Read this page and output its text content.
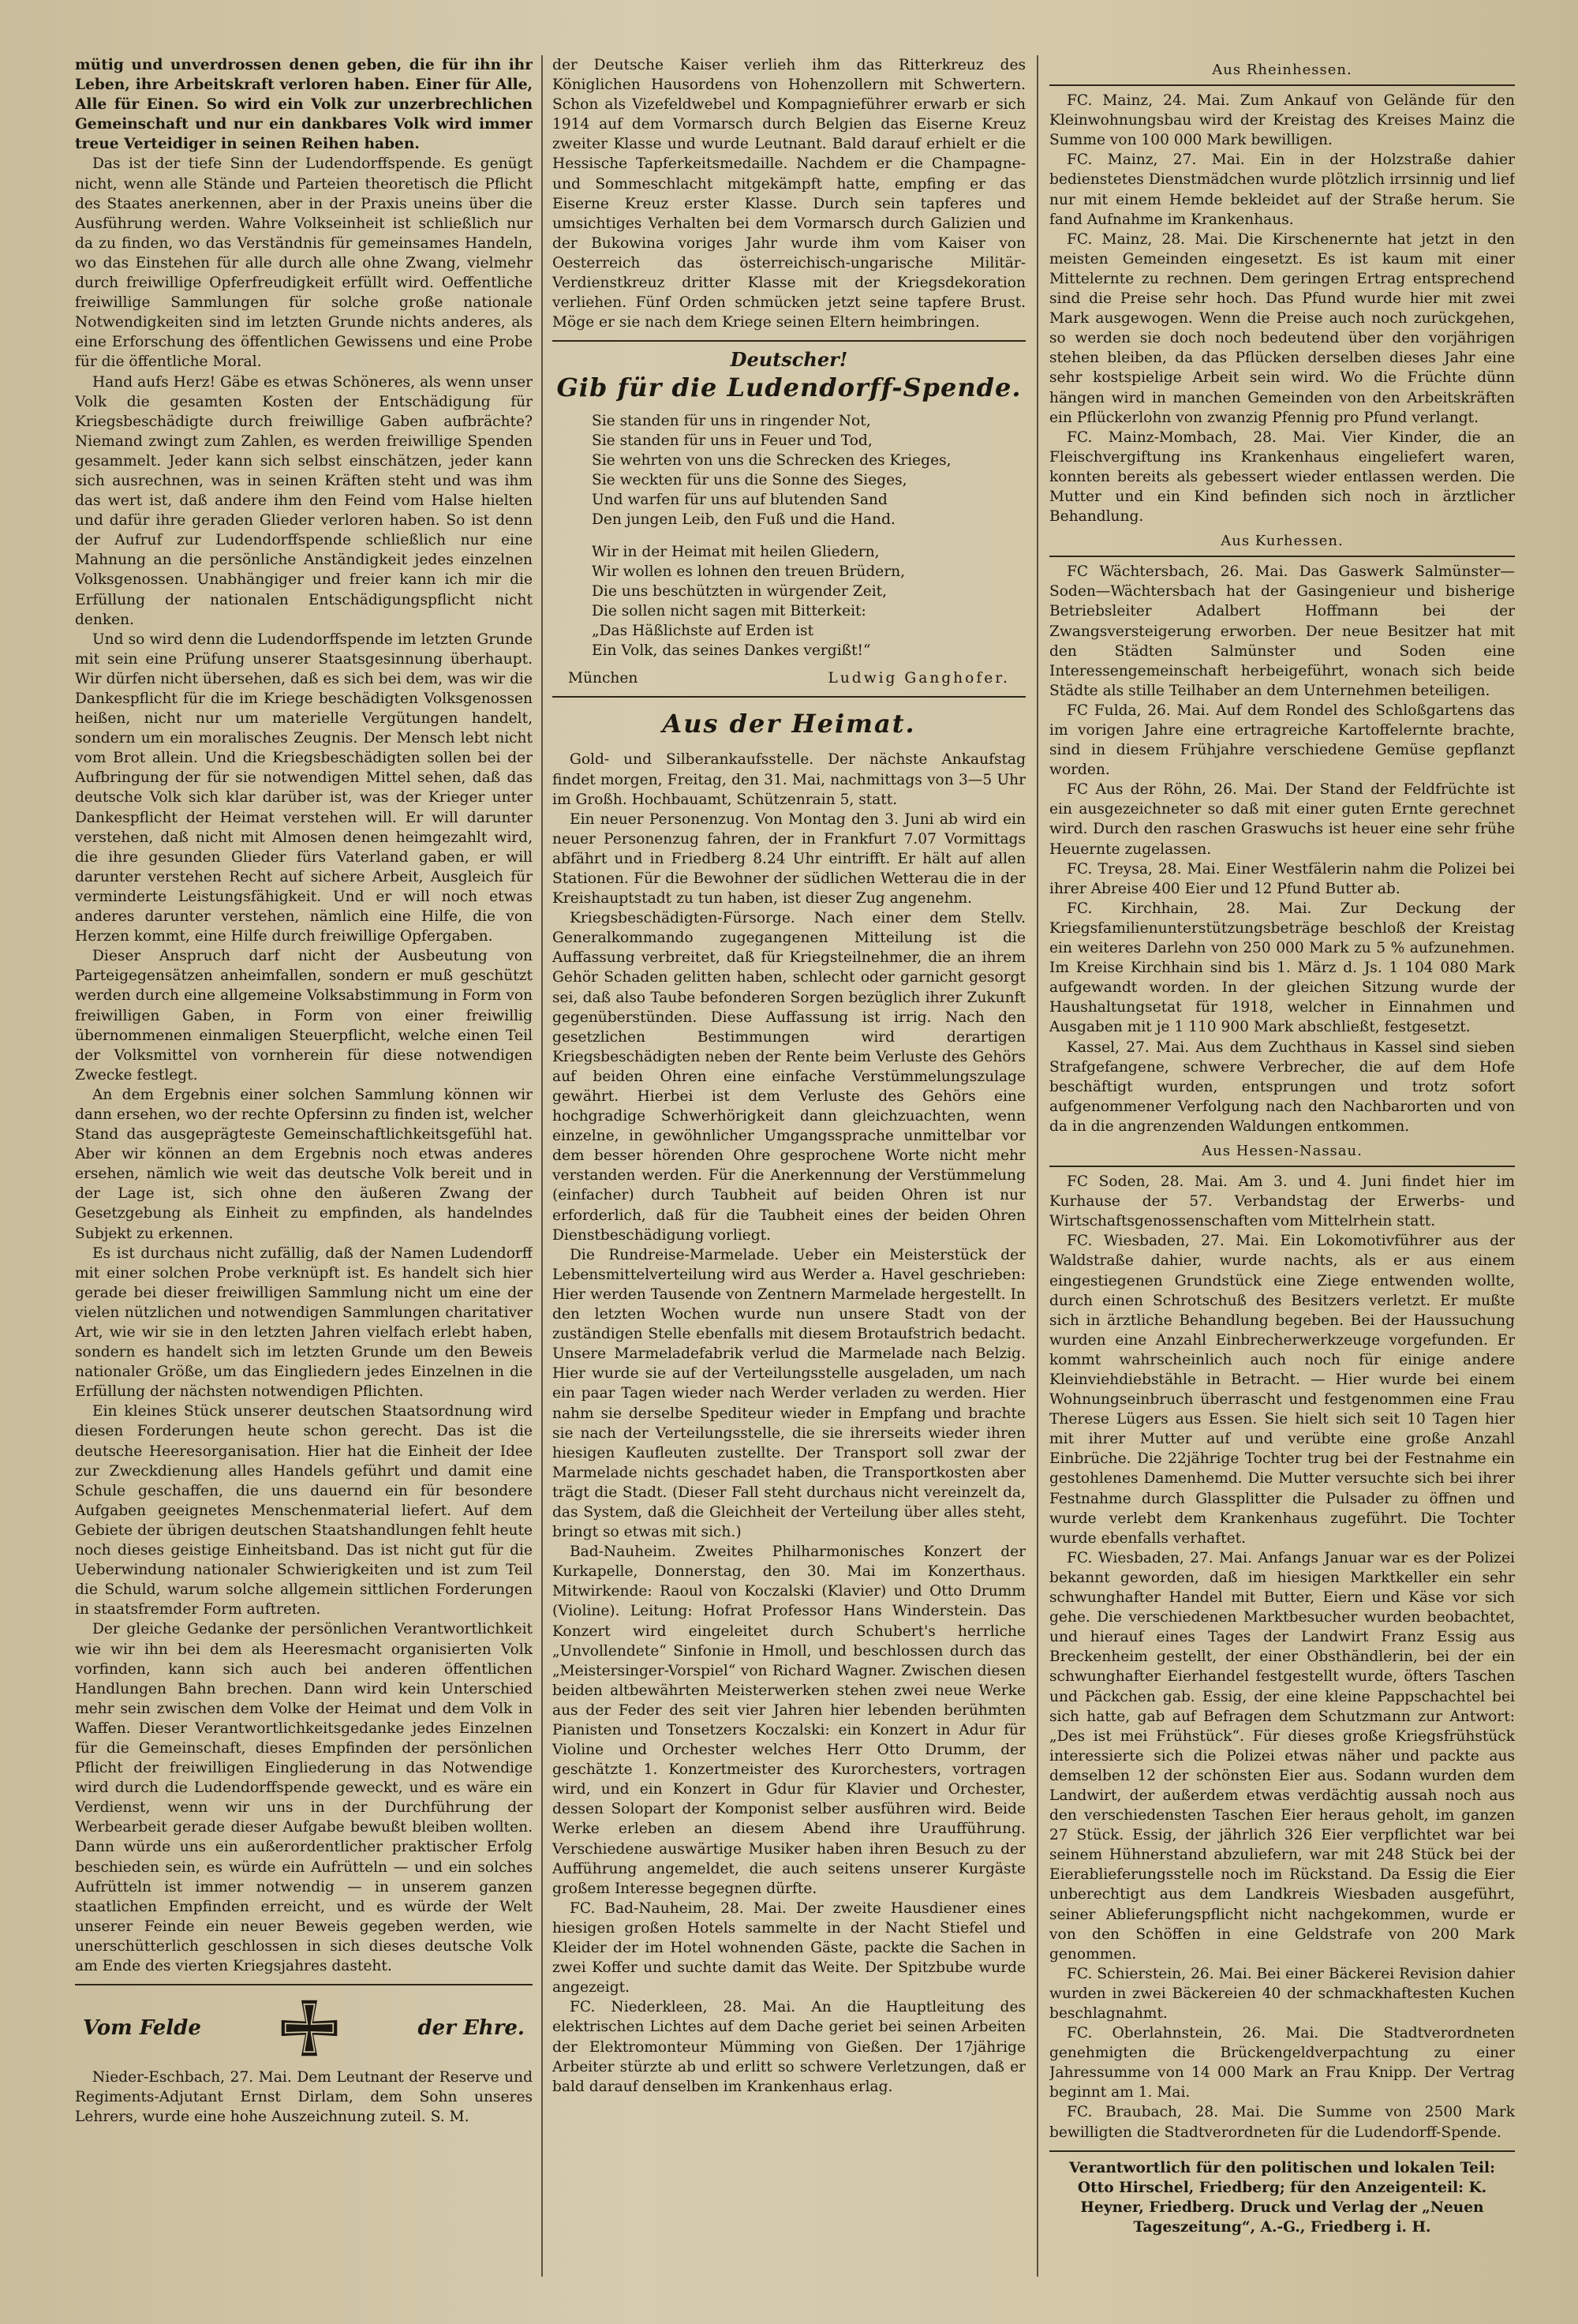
mütig und unverdrossen denen geben, die für ihn ihr Leben, ihre Arbeitskraft verloren haben. Einer für Alle, Alle für Einen. So wird ein Volk zur unzerbrechlichen Gemeinschaft und nur ein dankbares Volk wird immer treue Verteidiger in seinen Reihen haben.

Das ist der tiefe Sinn der Ludendorffspende. Es genügt nicht, wenn alle Stände und Parteien theoretisch die Pflicht des Staates anerkennen, aber in der Praxis uneins über die Ausführung werden. Wahre Volkseinheit ist schließlich nur da zu finden, wo das Verständnis für gemeinsames Handeln, wo das Einstehen für alle durch alle ohne Zwang, vielmehr durch freiwillige Opferfreudigkeit erfüllt wird. Oeffentliche freiwillige Sammlungen für solche große nationale Notwendigkeiten sind im letzten Grunde nichts anderes, als eine Erforschung des öffentlichen Gewissens und eine Probe für die öffentliche Moral.

Hand aufs Herz! Gäbe es etwas Schöneres, als wenn unser Volk die gesamten Kosten der Entschädigung für Kriegsbeschädigte durch freiwillige Gaben aufbrächte? Niemand zwingt zum Zahlen, es werden freiwillige Spenden gesammelt. Jeder kann sich selbst einschätzen, jeder kann sich ausrechnen, was in seinen Kräften steht und was ihm das wert ist, daß andere ihm den Feind vom Halse hielten und dafür ihre geraden Glieder verloren haben. So ist denn der Aufruf zur Ludendorffspende schließlich nur eine Mahnung an die persönliche Anständigkeit jedes einzelnen Volksgenossen. Unabhängiger und freier kann ich mir die Erfüllung der nationalen Entschädigungspflicht nicht denken.

Und so wird denn die Ludendorffspende im letzten Grunde mit sein eine Prüfung unserer Staatsgesinnung überhaupt. Wir dürfen nicht übersehen, daß es sich bei dem, was wir die Dankespflicht für die im Kriege beschädigten Volksgenossen heißen, nicht nur um materielle Vergütungen handelt, sondern um ein moralisches Zeugnis. Der Mensch lebt nicht vom Brot allein. Und die Kriegsbeschädigten sollen bei der Aufbringung der für sie notwendigen Mittel sehen, daß das deutsche Volk sich klar darüber ist, was der Krieger unter Dankespflicht der Heimat verstehen will. Er will darunter verstehen, daß nicht mit Almosen denen heimgezahlt wird, die ihre gesunden Glieder fürs Vaterland gaben, er will darunter verstehen Recht auf sichere Arbeit, Ausgleich für verminderte Leistungsfähigkeit. Und er will noch etwas anderes darunter verstehen, nämlich eine Hilfe, die von Herzen kommt, eine Hilfe durch freiwillige Opfergaben.

Dieser Anspruch darf nicht der Ausbeutung von Parteigegensätzen anheimfallen, sondern er muß geschützt werden durch eine allgemeine Volksabstimmung in Form von freiwilligen Gaben, in Form von einer freiwillig übernommenen einmaligen Steuerpflicht, welche einen Teil der Volksmittel von vornherein für diese notwendigen Zwecke festlegt.

An dem Ergebnis einer solchen Sammlung können wir dann ersehen, wo der rechte Opfersinn zu finden ist, welcher Stand das ausgeprägteste Gemeinschaftlichkeitsgefühl hat. Aber wir können an dem Ergebnis noch etwas anderes ersehen, nämlich wie weit das deutsche Volk bereit und in der Lage ist, sich ohne den äußeren Zwang der Gesetzgebung als Einheit zu empfinden, als handelndes Subjekt zu erkennen.

Es ist durchaus nicht zufällig, daß der Namen Ludendorff mit einer solchen Probe verknüpft ist. Es handelt sich hier gerade bei dieser freiwilligen Sammlung nicht um eine der vielen nützlichen und notwendigen Sammlungen charitativer Art, wie wir sie in den letzten Jahren vielfach erlebt haben, sondern es handelt sich im letzten Grunde um den Beweis nationaler Größe, um das Eingliedern jedes Einzelnen in die Erfüllung der nächsten notwendigen Pflichten.

Ein kleines Stück unserer deutschen Staatsordnung wird diesen Forderungen heute schon gerecht. Das ist die deutsche Heeresorganisation. Hier hat die Einheit der Idee zur Zweckdienung alles Handels geführt und damit eine Schule geschaffen, die uns dauernd ein für besondere Aufgaben geeignetes Menschenmaterial liefert. Auf dem Gebiete der übrigen deutschen Staatshandlungen fehlt heute noch dieses geistige Einheitsband. Das ist nicht gut für die Ueberwindung nationaler Schwierigkeiten und ist zum Teil die Schuld, warum solche allgemein sittlichen Forderungen in staatsfremder Form auftreten.

Der gleiche Gedanke der persönlichen Verantwortlichkeit wie wir ihn bei dem als Heeresmacht organisierten Volk vorfinden, kann sich auch bei anderen öffentlichen Handlungen Bahn brechen. Dann wird kein Unterschied mehr sein zwischen dem Volke der Heimat und dem Volk in Waffen. Dieser Verantwortlichkeitsgedanke jedes Einzelnen für die Gemeinschaft, dieses Empfinden der persönlichen Pflicht der freiwilligen Eingliederung in das Notwendige wird durch die Ludendorffspende geweckt, und es wäre ein Verdienst, wenn wir uns in der Durchführung der Werbearbeit gerade dieser Aufgabe bewußt bleiben wollten. Dann würde uns ein außerordentlicher praktischer Erfolg beschieden sein, es würde ein Aufrütteln — und ein solches Aufrütteln ist immer notwendig — in unserem ganzen staatlichen Empfinden erreicht, und es würde der Welt unserer Feinde ein neuer Beweis gegeben werden, wie unerschütterlich geschlossen in sich dieses deutsche Volk am Ende des vierten Kriegsjahres dasteht.

Vom Felde	der Ehre.

Nieder-Eschbach, 27. Mai. Dem Leutnant der Reserve und Regiments-Adjutant Ernst Dirlam, dem Sohn unseres Lehrers, wurde eine hohe Auszeichnung zuteil. S. M.

der Deutsche Kaiser verlieh ihm das Ritterkreuz des Königlichen Hausordens von Hohenzollern mit Schwertern. Schon als Vizefeldwebel und Kompagnieführer erwarb er sich 1914 auf dem Vormarsch durch Belgien das Eiserne Kreuz zweiter Klasse und wurde Leutnant. Bald darauf erhielt er die Hessische Tapferkeitsmedaille. Nachdem er die Champagne- und Sommeschlacht mitgekämpft hatte, empfing er das Eiserne Kreuz erster Klasse. Durch sein tapferes und umsichtiges Verhalten bei dem Vormarsch durch Galizien und der Bukowina voriges Jahr wurde ihm vom Kaiser von Oesterreich das österreichisch-ungarische Militär-Verdienstkreuz dritter Klasse mit der Kriegsdekoration verliehen. Fünf Orden schmücken jetzt seine tapfere Brust. Möge er sie nach dem Kriege seinen Eltern heimbringen.

Deutscher!
Gib für die Ludendorff-Spende.
Sie standen für uns in ringender Not,
Sie standen für uns in Feuer und Tod,
Sie wehrten von uns die Schrecken des Krieges,
Sie weckten für uns die Sonne des Sieges,
Und warfen für uns auf blutenden Sand
Den jungen Leib, den Fuß und die Hand.
Wir in der Heimat mit heilen Gliedern,
Wir wollen es lohnen den treuen Brüdern,
Die uns beschützten in würgender Zeit,
Die sollen nicht sagen mit Bitterkeit:
„Das Häßlichste auf Erden ist
Ein Volk, das seines Dankes vergißt!“
München	Ludwig Ganghofer.
Aus der Heimat.

Gold- und Silberankaufsstelle. Der nächste Ankaufstag findet morgen, Freitag, den 31. Mai, nachmittags von 3—5 Uhr im Großh. Hochbauamt, Schützenrain 5, statt.

Ein neuer Personenzug. Von Montag den 3. Juni ab wird ein neuer Personenzug fahren, der in Frankfurt 7.07 Vormittags abfährt und in Friedberg 8.24 Uhr eintrifft. Er hält auf allen Stationen. Für die Bewohner der südlichen Wetterau die in der Kreishauptstadt zu tun haben, ist dieser Zug angenehm.

Kriegsbeschädigten-Fürsorge. Nach einer dem Stellv. Generalkommando zugegangenen Mitteilung ist die Auffassung verbreitet, daß für Kriegsteilnehmer, die an ihrem Gehör Schaden gelitten haben, schlecht oder garnicht gesorgt sei, daß also Taube befonderen Sorgen bezüglich ihrer Zukunft gegenüberstünden. Diese Auffassung ist irrig. Nach den gesetzlichen Bestimmungen wird derartigen Kriegsbeschädigten neben der Rente beim Verluste des Gehörs auf beiden Ohren eine einfache Verstümmelungszulage gewährt. Hierbei ist dem Verluste des Gehörs eine hochgradige Schwerhörigkeit dann gleichzuachten, wenn einzelne, in gewöhnlicher Umgangssprache unmittelbar vor dem besser hörenden Ohre gesprochene Worte nicht mehr verstanden werden. Für die Anerkennung der Verstümmelung (einfacher) durch Taubheit auf beiden Ohren ist nur erforderlich, daß für die Taubheit eines der beiden Ohren Dienstbeschädigung vorliegt.

Die Rundreise-Marmelade. Ueber ein Meisterstück der Lebensmittelverteilung wird aus Werder a. Havel geschrieben: Hier werden Tausende von Zentnern Marmelade hergestellt. In den letzten Wochen wurde nun unsere Stadt von der zuständigen Stelle ebenfalls mit diesem Brotaufstrich bedacht. Unsere Marmeladefabrik verlud die Marmelade nach Belzig. Hier wurde sie auf der Verteilungsstelle ausgeladen, um nach ein paar Tagen wieder nach Werder verladen zu werden. Hier nahm sie derselbe Spediteur wieder in Empfang und brachte sie nach der Verteilungsstelle, die sie ihrerseits wieder ihren hiesigen Kaufleuten zustellte. Der Transport soll zwar der Marmelade nichts geschadet haben, die Transportkosten aber trägt die Stadt. (Dieser Fall steht durchaus nicht vereinzelt da, das System, daß die Gleichheit der Verteilung über alles steht, bringt so etwas mit sich.)

Bad-Nauheim. Zweites Philharmonisches Konzert der Kurkapelle, Donnerstag, den 30. Mai im Konzerthaus. Mitwirkende: Raoul von Koczalski (Klavier) und Otto Drumm (Violine). Leitung: Hofrat Professor Hans Winderstein. Das Konzert wird eingeleitet durch Schubert's herrliche „Unvollendete“ Sinfonie in Hmoll, und beschlossen durch das „Meistersinger-Vorspiel“ von Richard Wagner. Zwischen diesen beiden altbewährten Meisterwerken stehen zwei neue Werke aus der Feder des seit vier Jahren hier lebenden berühmten Pianisten und Tonsetzers Koczalski: ein Konzert in Adur für Violine und Orchester welches Herr Otto Drumm, der geschätzte 1. Konzertmeister des Kurorchesters, vortragen wird, und ein Konzert in Gdur für Klavier und Orchester, dessen Solopart der Komponist selber ausführen wird. Beide Werke erleben an diesem Abend ihre Uraufführung. Verschiedene auswärtige Musiker haben ihren Besuch zu der Aufführung angemeldet, die auch seitens unserer Kurgäste großem Interesse begegnen dürfte.

FC. Bad-Nauheim, 28. Mai. Der zweite Hausdiener eines hiesigen großen Hotels sammelte in der Nacht Stiefel und Kleider der im Hotel wohnenden Gäste, packte die Sachen in zwei Koffer und suchte damit das Weite. Der Spitzbube wurde angezeigt.

FC. Niederkleen, 28. Mai. An die Hauptleitung des elektrischen Lichtes auf dem Dache geriet bei seinen Arbeiten der Elektromonteur Mümming von Gießen. Der 17jährige Arbeiter stürzte ab und erlitt so schwere Verletzungen, daß er bald darauf denselben im Krankenhaus erlag.

Aus Rheinhessen.

FC. Mainz, 24. Mai. Zum Ankauf von Gelände für den Kleinwohnungsbau wird der Kreistag des Kreises Mainz die Summe von 100 000 Mark bewilligen.

FC. Mainz, 27. Mai. Ein in der Holzstraße dahier bedienstetes Dienstmädchen wurde plötzlich irrsinnig und lief nur mit einem Hemde bekleidet auf der Straße herum. Sie fand Aufnahme im Krankenhaus.

FC. Mainz, 28. Mai. Die Kirschenernte hat jetzt in den meisten Gemeinden eingesetzt. Es ist kaum mit einer Mittelernte zu rechnen. Dem geringen Ertrag entsprechend sind die Preise sehr hoch. Das Pfund wurde hier mit zwei Mark ausgewogen. Wenn die Preise auch noch zurückgehen, so werden sie doch noch bedeutend über den vorjährigen stehen bleiben, da das Pflücken derselben dieses Jahr eine sehr kostspielige Arbeit sein wird. Wo die Früchte dünn hängen wird in manchen Gemeinden von den Arbeitskräften ein Pflückerlohn von zwanzig Pfennig pro Pfund verlangt.

FC. Mainz-Mombach, 28. Mai. Vier Kinder, die an Fleischvergiftung ins Krankenhaus eingeliefert waren, konnten bereits als gebessert wieder entlassen werden. Die Mutter und ein Kind befinden sich noch in ärztlicher Behandlung.

Aus Kurhessen.

FC Wächtersbach, 26. Mai. Das Gaswerk Salmünster—Soden—Wächtersbach hat der Gasingenieur und bisherige Betriebsleiter Adalbert Hoffmann bei der Zwangsversteigerung erworben. Der neue Besitzer hat mit den Städten Salmünster und Soden eine Interessengemeinschaft herbeigeführt, wonach sich beide Städte als stille Teilhaber an dem Unternehmen beteiligen.

FC Fulda, 26. Mai. Auf dem Rondel des Schloßgartens das im vorigen Jahre eine ertragreiche Kartoffelernte brachte, sind in diesem Frühjahre verschiedene Gemüse gepflanzt worden.

FC Aus der Röhn, 26. Mai. Der Stand der Feldfrüchte ist ein ausgezeichneter so daß mit einer guten Ernte gerechnet wird. Durch den raschen Graswuchs ist heuer eine sehr frühe Heuernte zugelassen.

FC. Treysa, 28. Mai. Einer Westfälerin nahm die Polizei bei ihrer Abreise 400 Eier und 12 Pfund Butter ab.

FC. Kirchhain, 28. Mai. Zur Deckung der Kriegsfamilienunterstützungsbeträge beschloß der Kreistag ein weiteres Darlehn von 250 000 Mark zu 5 % aufzunehmen. Im Kreise Kirchhain sind bis 1. März d. Js. 1 104 080 Mark aufgewandt worden. In der gleichen Sitzung wurde der Haushaltungsetat für 1918, welcher in Einnahmen und Ausgaben mit je 1 110 900 Mark abschließt, festgesetzt.

Kassel, 27. Mai. Aus dem Zuchthaus in Kassel sind sieben Strafgefangene, schwere Verbrecher, die auf dem Hofe beschäftigt wurden, entsprungen und trotz sofort aufgenommener Verfolgung nach den Nachbarorten und von da in die angrenzenden Waldungen entkommen.

Aus Hessen-Nassau.

FC Soden, 28. Mai. Am 3. und 4. Juni findet hier im Kurhause der 57. Verbandstag der Erwerbs- und Wirtschaftsgenossenschaften vom Mittelrhein statt.

FC. Wiesbaden, 27. Mai. Ein Lokomotivführer aus der Waldstraße dahier, wurde nachts, als er aus einem eingestiegenen Grundstück eine Ziege entwenden wollte, durch einen Schrotschuß des Besitzers verletzt. Er mußte sich in ärztliche Behandlung begeben. Bei der Haussuchung wurden eine Anzahl Einbrecherwerkzeuge vorgefunden. Er kommt wahrscheinlich auch noch für einige andere Kleinviehdiebstähle in Betracht. — Hier wurde bei einem Wohnungseinbruch überrascht und festgenommen eine Frau Therese Lügers aus Essen. Sie hielt sich seit 10 Tagen hier mit ihrer Mutter auf und verübte eine große Anzahl Einbrüche. Die 22jährige Tochter trug bei der Festnahme ein gestohlenes Damenhemd. Die Mutter versuchte sich bei ihrer Festnahme durch Glassplitter die Pulsader zu öffnen und wurde verlebt dem Krankenhaus zugeführt. Die Tochter wurde ebenfalls verhaftet.

FC. Wiesbaden, 27. Mai. Anfangs Januar war es der Polizei bekannt geworden, daß im hiesigen Marktkeller ein sehr schwunghafter Handel mit Butter, Eiern und Käse vor sich gehe. Die verschiedenen Marktbesucher wurden beobachtet, und hierauf eines Tages der Landwirt Franz Essig aus Breckenheim gestellt, der einer Obsthändlerin, bei der ein schwunghafter Eierhandel festgestellt wurde, öfters Taschen und Päckchen gab. Essig, der eine kleine Pappschachtel bei sich hatte, gab auf Befragen dem Schutzmann zur Antwort: „Des ist mei Frühstück“. Für dieses große Kriegsfrühstück interessierte sich die Polizei etwas näher und packte aus demselben 12 der schönsten Eier aus. Sodann wurden dem Landwirt, der außerdem etwas verdächtig aussah noch aus den verschiedensten Taschen Eier heraus geholt, im ganzen 27 Stück. Essig, der jährlich 326 Eier verpflichtet war bei seinem Hühnerstand abzuliefern, war mit 248 Stück bei der Eierablieferungsstelle noch im Rückstand. Da Essig die Eier unberechtigt aus dem Landkreis Wiesbaden ausgeführt, seiner Ablieferungspflicht nicht nachgekommen, wurde er von den Schöffen in eine Geldstrafe von 200 Mark genommen.

FC. Schierstein, 26. Mai. Bei einer Bäckerei Revision dahier wurden in zwei Bäckereien 40 der schmackhaftesten Kuchen beschlagnahmt.

FC. Oberlahnstein, 26. Mai. Die Stadtverordneten genehmigten die Brückengeldverpachtung zu einer Jahressumme von 14 000 Mark an Frau Knipp. Der Vertrag beginnt am 1. Mai.

FC. Braubach, 28. Mai. Die Summe von 2500 Mark bewilligten die Stadtverordneten für die Ludendorff-Spende.

Verantwortlich für den politischen und lokalen Teil: Otto Hirschel, Friedberg; für den Anzeigenteil: K. Heyner, Friedberg. Druck und Verlag der „Neuen Tageszeitung“, A.-G., Friedberg i. H.
